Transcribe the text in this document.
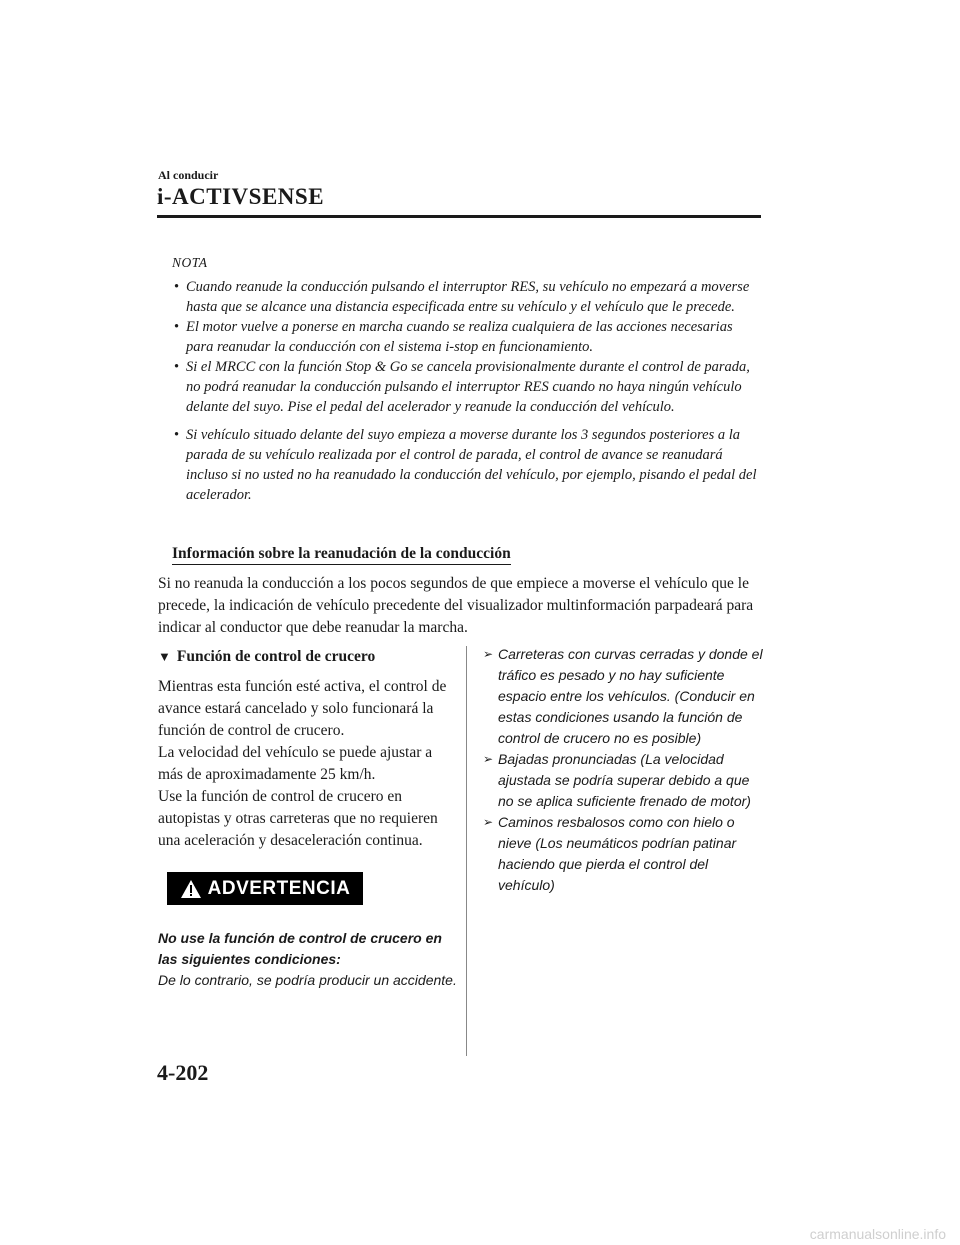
Al conducir
i-ACTIVSENSE
NOTA
• Cuando reanude la conducción pulsando el interruptor RES, su vehículo no empezará a moverse hasta que se alcance una distancia especificada entre su vehículo y el vehículo que le precede.
• El motor vuelve a ponerse en marcha cuando se realiza cualquiera de las acciones necesarias para reanudar la conducción con el sistema i-stop en funcionamiento.
• Si el MRCC con la función Stop & Go se cancela provisionalmente durante el control de parada, no podrá reanudar la conducción pulsando el interruptor RES cuando no haya ningún vehículo delante del suyo. Pise el pedal del acelerador y reanude la conducción del vehículo.
• Si vehículo situado delante del suyo empieza a moverse durante los 3 segundos posteriores a la parada de su vehículo realizada por el control de parada, el control de avance se reanudará incluso si no usted no ha reanudado la conducción del vehículo, por ejemplo, pisando el pedal del acelerador.
Información sobre la reanudación de la conducción
Si no reanuda la conducción a los pocos segundos de que empiece a moverse el vehículo que le precede, la indicación de vehículo precedente del visualizador multinformación parpadeará para indicar al conductor que debe reanudar la marcha.
▼ Función de control de crucero
Mientras esta función esté activa, el control de avance estará cancelado y solo funcionará la función de control de crucero.
La velocidad del vehículo se puede ajustar a más de aproximadamente 25 km/h.
Use la función de control de crucero en autopistas y otras carreteras que no requieren una aceleración y desaceleración continua.
ADVERTENCIA
No use la función de control de crucero en las siguientes condiciones:
De lo contrario, se podría producir un accidente.
➢ Carreteras con curvas cerradas y donde el tráfico es pesado y no hay suficiente espacio entre los vehículos. (Conducir en estas condiciones usando la función de control de crucero no es posible)
➢ Bajadas pronunciadas (La velocidad ajustada se podría superar debido a que no se aplica suficiente frenado de motor)
➢ Caminos resbalosos como con hielo o nieve (Los neumáticos podrían patinar haciendo que pierda el control del vehículo)
4-202
carmanualsonline.info
